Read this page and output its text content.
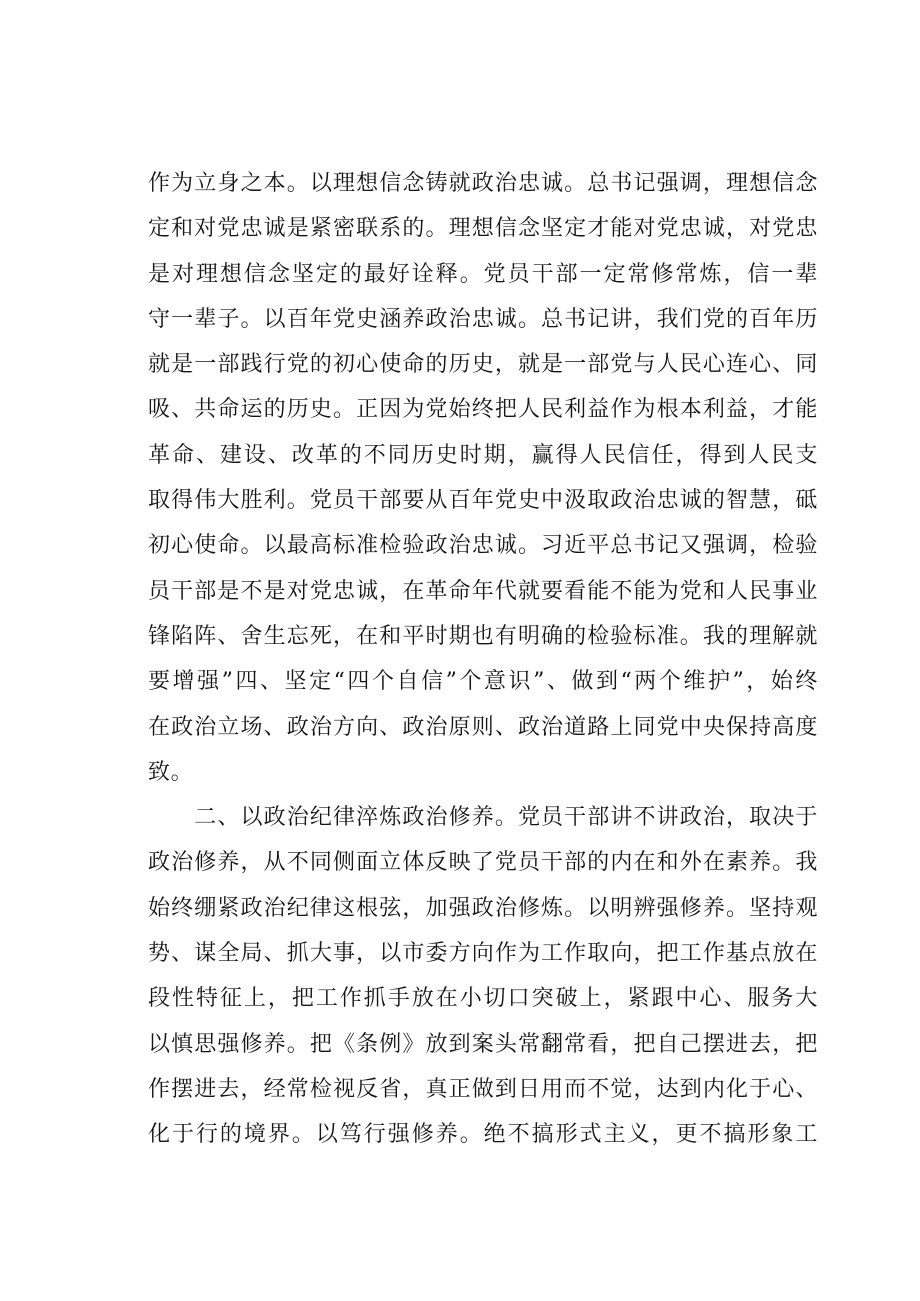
作为立身之本。以理想信念铸就政治忠诚。总书记强调，理想信念
定和对党忠诚是紧密联系的。理想信念坚定才能对党忠诚，对党忠
是对理想信念坚定的最好诠释。党员干部一定常修常炼，信一辈
守一辈子。以百年党史涵养政治忠诚。总书记讲，我们党的百年历
就是一部践行党的初心使命的历史，就是一部党与人民心连心、同
吸、共命运的历史。正因为党始终把人民利益作为根本利益，才能
革命、建设、改革的不同历史时期，赢得人民信任，得到人民支
取得伟大胜利。党员干部要从百年党史中汲取政治忠诚的智慧，砥
初心使命。以最高标准检验政治忠诚。习近平总书记又强调，检验
员干部是不是对党忠诚，在革命年代就要看能不能为党和人民事业
锋陷阵、舍生忘死，在和平时期也有明确的检验标准。我的理解就
要增强”四、坚定“四个自信”个意识”、做到“两个维护”，始终
在政治立场、政治方向、政治原则、政治道路上同党中央保持高度
致。
　　二、以政治纪律淬炼政治修养。党员干部讲不讲政治，取决于
政治修养，从不同侧面立体反映了党员干部的内在和外在素养。我
始终绷紧政治纪律这根弦，加强政治修炼。以明辨强修养。坚持观
势、谋全局、抓大事，以市委方向作为工作取向，把工作基点放在
段性特征上，把工作抓手放在小切口突破上，紧跟中心、服务大
以慎思强修养。把《条例》放到案头常翻常看，把自己摆进去，把
作摆进去，经常检视反省，真正做到日用而不觉，达到内化于心、
化于行的境界。以笃行强修养。绝不搞形式主义，更不搞形象工
